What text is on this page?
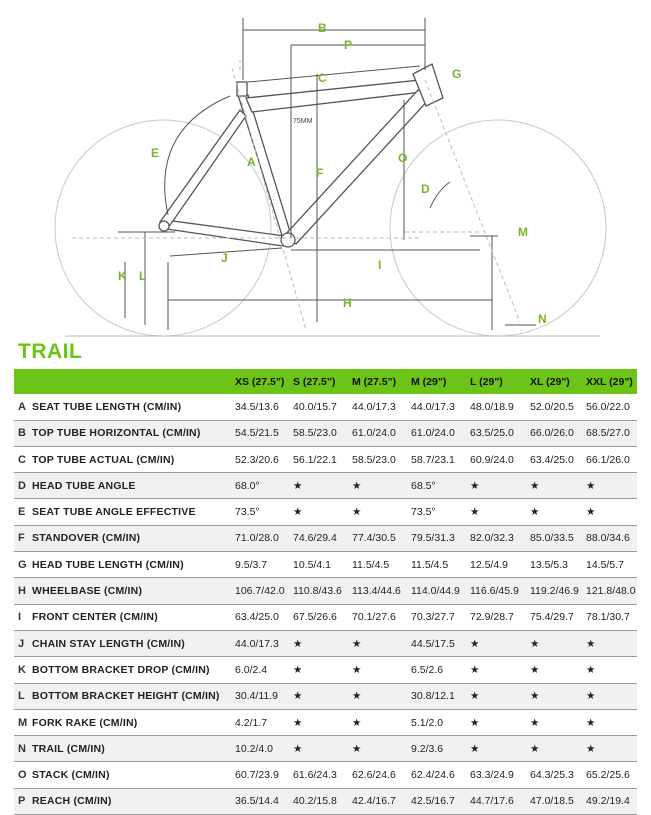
B
P
C	G
E
A
F
O
D
M
J	I
K L
H
N
75MM
TRAIL
		XS (27.5")	S (27.5")	M (27.5")	M (29")	L (29")	XL (29")	XXL (29")
A	SEAT TUBE LENGTH (CM/IN)	34.5/13.6	40.0/15.7	44.0/17.3	44.0/17.3	48.0/18.9	52.0/20.5	56.0/22.0
B	TOP TUBE HORIZONTAL (CM/IN)	54.5/21.5	58.5/23.0	61.0/24.0	61.0/24.0	63.5/25.0	66.0/26.0	68.5/27.0
C	TOP TUBE ACTUAL (CM/IN)	52.3/20.6	56.1/22.1	58.5/23.0	58.7/23.1	60.9/24.0	63.4/25.0	66.1/26.0
D	HEAD TUBE ANGLE	68.0°	★	★	68.5°	★	★	★
E	SEAT TUBE ANGLE EFFECTIVE	73.5°	★	★	73.5°	★	★	★
F	STANDOVER (CM/IN)	71.0/28.0	74.6/29.4	77.4/30.5	79.5/31.3	82.0/32.3	85.0/33.5	88.0/34.6
G	HEAD TUBE LENGTH (CM/IN)	9.5/3.7	10.5/4.1	11.5/4.5	11.5/4.5	12.5/4.9	13.5/5.3	14.5/5.7
H	WHEELBASE (CM/IN)	106.7/42.0	110.8/43.6	113.4/44.6	114.0/44.9	116.6/45.9	119.2/46.9	121.8/48.0
I	FRONT CENTER (CM/IN)	63.4/25.0	67.5/26.6	70.1/27.6	70.3/27.7	72.9/28.7	75.4/29.7	78.1/30.7
J	CHAIN STAY LENGTH (CM/IN)	44.0/17.3	★	★	44.5/17.5	★	★	★
K	BOTTOM BRACKET DROP (CM/IN)	6.0/2.4	★	★	6.5/2.6	★	★	★
L	BOTTOM BRACKET HEIGHT (CM/IN)	30.4/11.9	★	★	30.8/12.1	★	★	★
M	FORK RAKE (CM/IN)	4.2/1.7	★	★	5.1/2.0	★	★	★
N	TRAIL (CM/IN)	10.2/4.0	★	★	9.2/3.6	★	★	★
O	STACK (CM/IN)	60.7/23.9	61.6/24.3	62.6/24.6	62.4/24.6	63.3/24.9	64.3/25.3	65.2/25.6
P	REACH (CM/IN)	36.5/14.4	40.2/15.8	42.4/16.7	42.5/16.7	44.7/17.6	47.0/18.5	49.2/19.4
